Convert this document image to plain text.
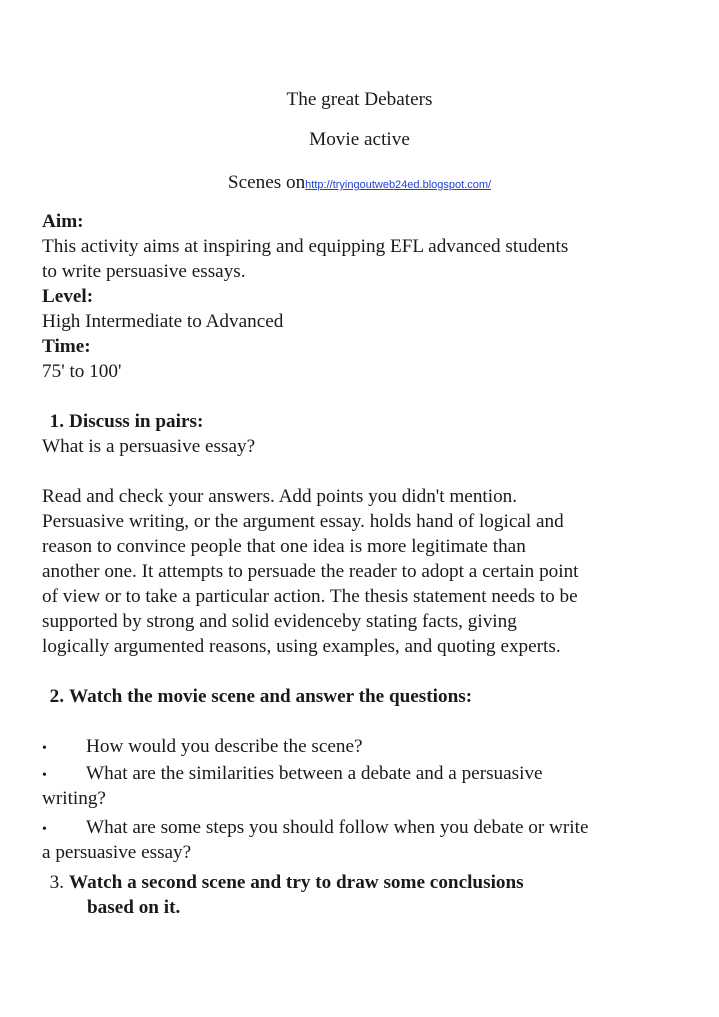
The great Debaters
Movie active
Scenes onhttp://tryingoutweb24ed.blogspot.com/
Aim:
This activity aims at inspiring and equipping EFL advanced students
to write persuasive essays.
Level:
High Intermediate to Advanced
Time:
75' to 100'
1. Discuss in pairs:
What is a persuasive essay?
Read and check your answers. Add points you didn't mention.
Persuasive writing, or the argument essay. holds hand of logical and
reason to convince people that one idea is more legitimate than
another one. It attempts to persuade the reader to adopt a certain point
of view or to take a particular action. The thesis statement needs to be
supported by strong and solid evidenceby stating facts, giving
logically argumented reasons, using examples, and quoting experts.
2. Watch the movie scene and answer the questions:
• How would you describe the scene?
• What are the similarities between a debate and a persuasive
writing?
• What are some steps you should follow when you debate or write
a persuasive essay?
3. Watch a second scene and try to draw some conclusions
based on it.
